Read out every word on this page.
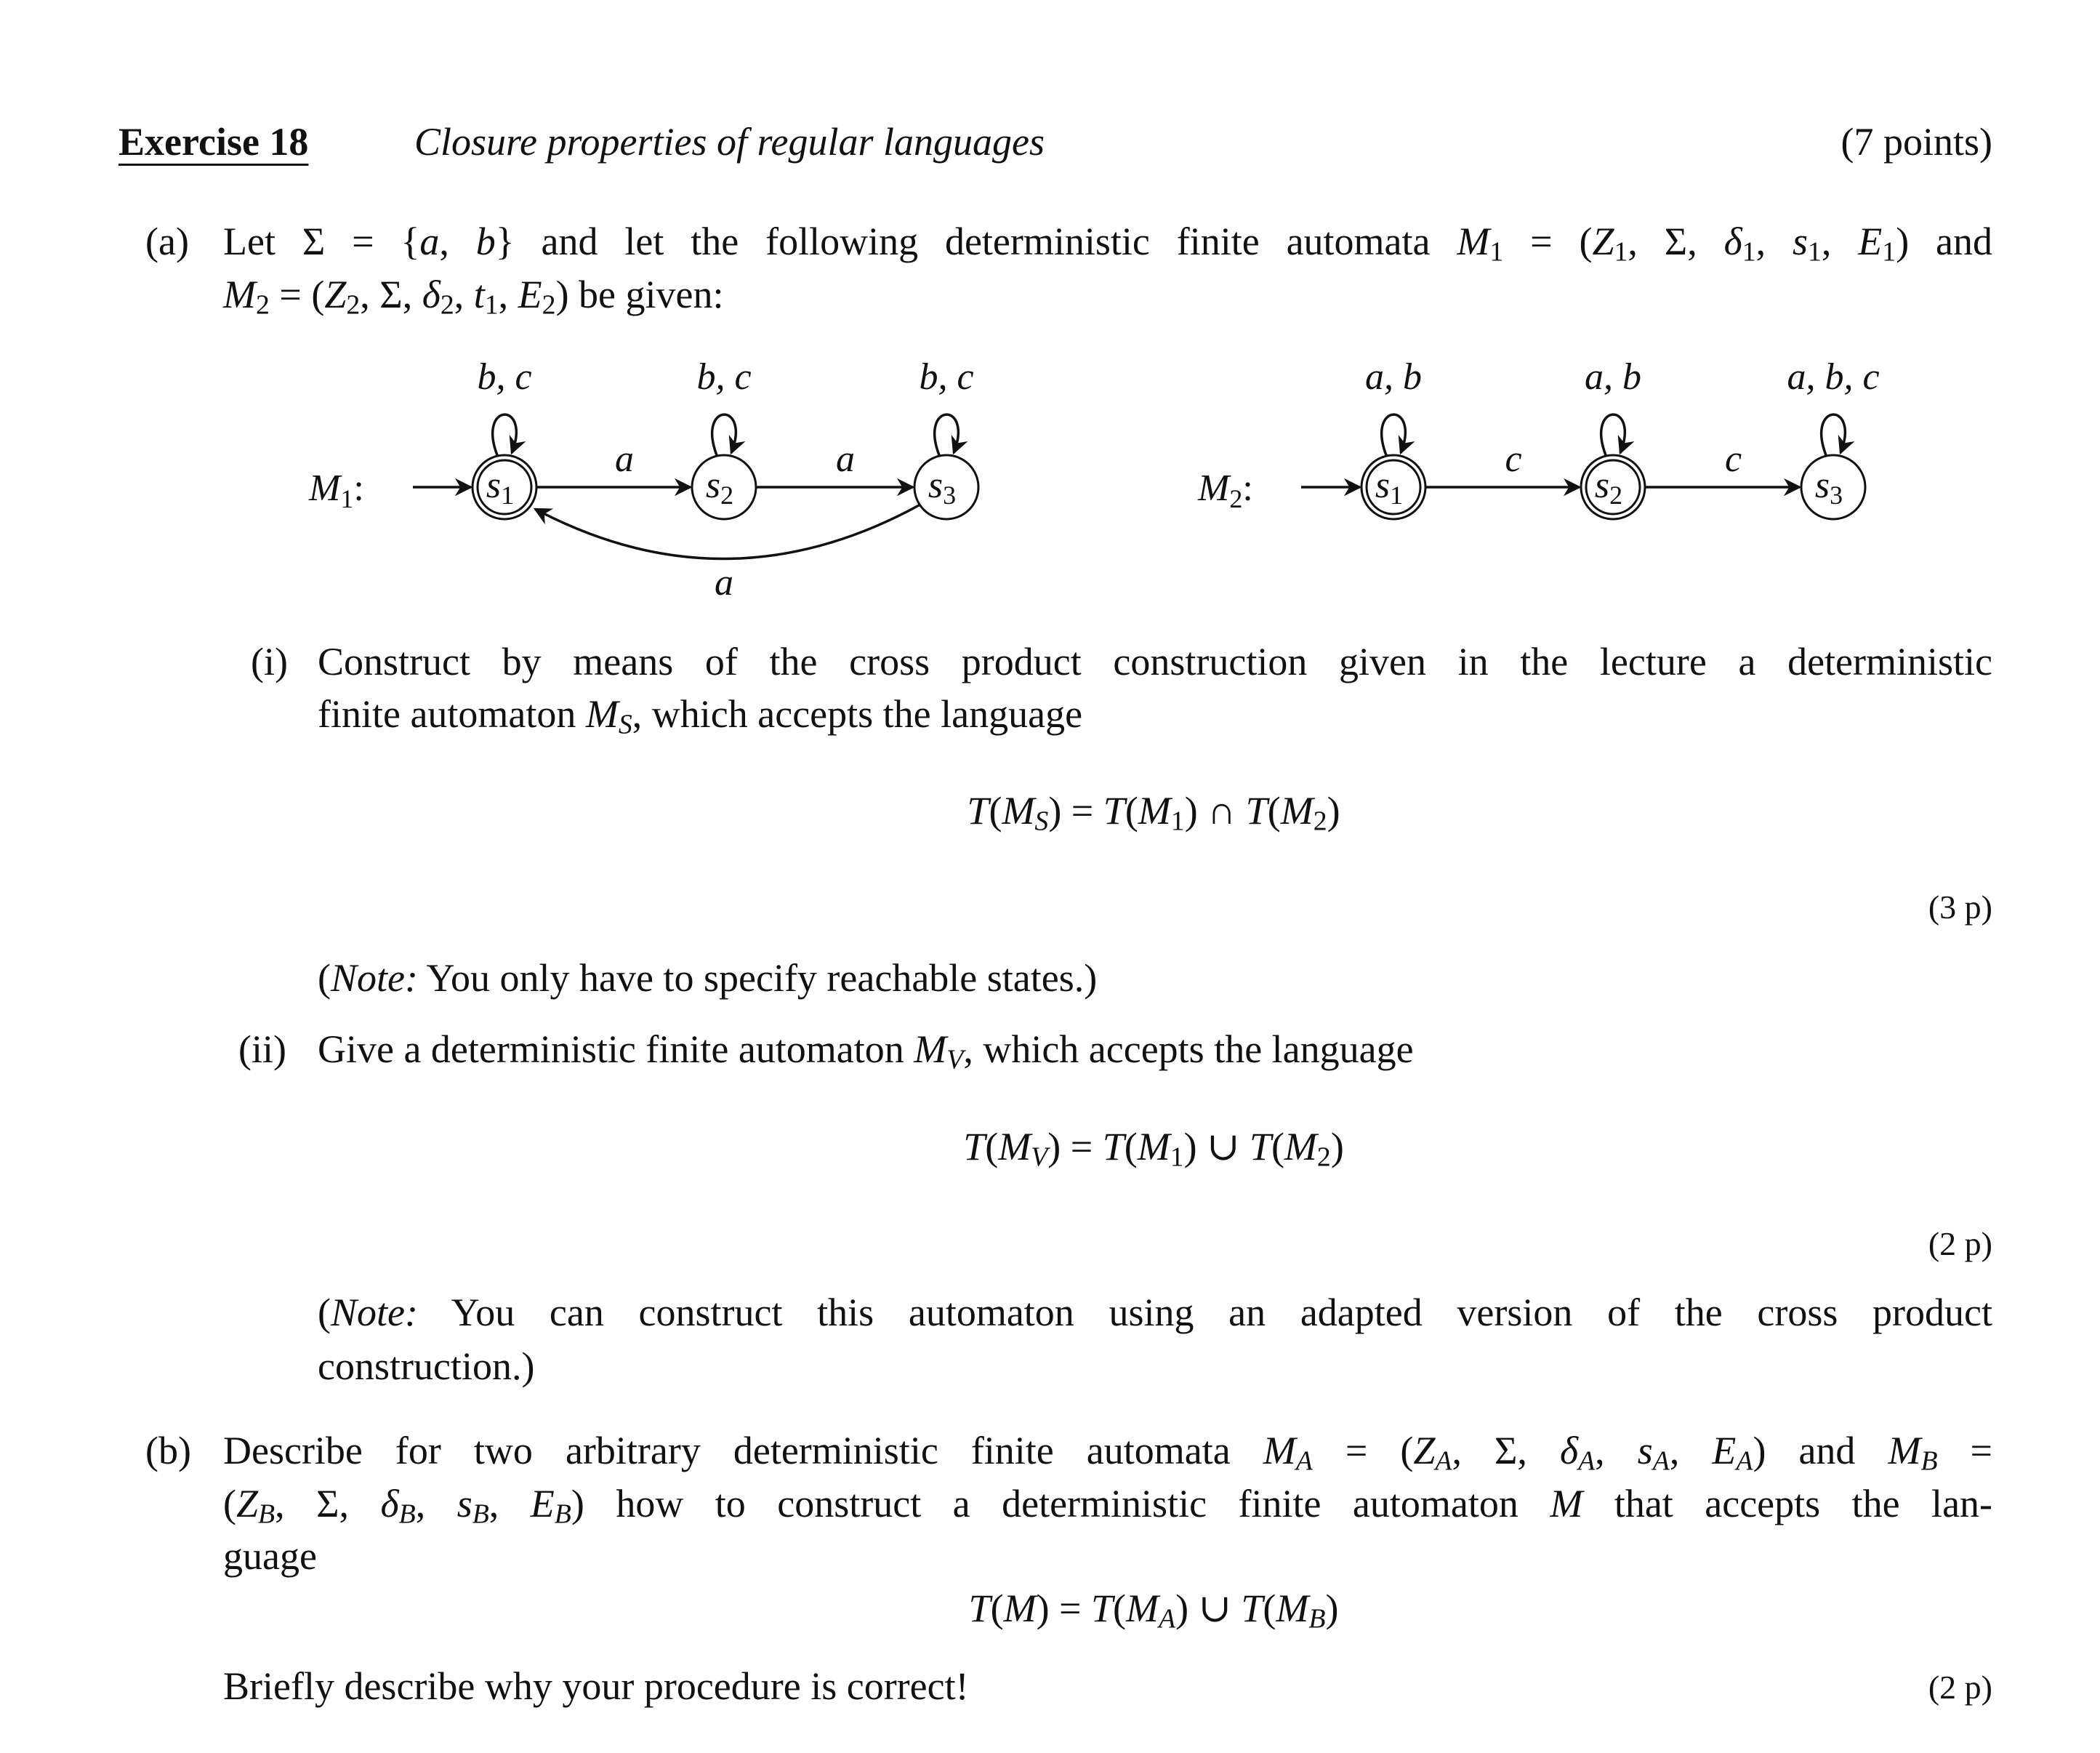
Exercise 18	Closure properties of regular languages	(7 points)
(a) Let Σ = {a, b} and let the following deterministic finite automata $M_1 = (Z_1$, Σ, $\delta_1$, $s_1$, $E_1$) and
$M_2 = (Z_2$, Σ, $\delta_2$, $t_1$, $E_2$) be given:
M1:	s1
b, c
s2
b, c
s3
b, c
a	a
M2:	s1
a, b
s2
a, b
s3
a, b, c
c	c
a
(i) Construct by means of the cross product construction given in the lecture a deterministic
finite automaton $M_S$, which accepts the language
$T(M_S) = T(M_1)$ ∩ $T(M_2)$
(3 p)
(Note: You only have to specify reachable states.)
(ii) Give a deterministic finite automaton $M_V$, which accepts the language
$T(M_V) = T(M_1)$ ∪ $T(M_2)$
(2 p)
(Note: You can construct this automaton using an adapted version of the cross product
construction.)
(b) Describe for two arbitrary deterministic finite automata $M_A = (Z_A$, Σ, $\delta_A$, $s_A$, $E_A$) and $M_B$ =
($Z_B$, Σ, $\delta_B$, $s_B$, $E_B$) how to construct a deterministic finite automaton M that accepts the lan-
guage
$T(M) = T(M_A)$ ∪ $T(M_B)$
Briefly describe why your procedure is correct!	(2 p)
